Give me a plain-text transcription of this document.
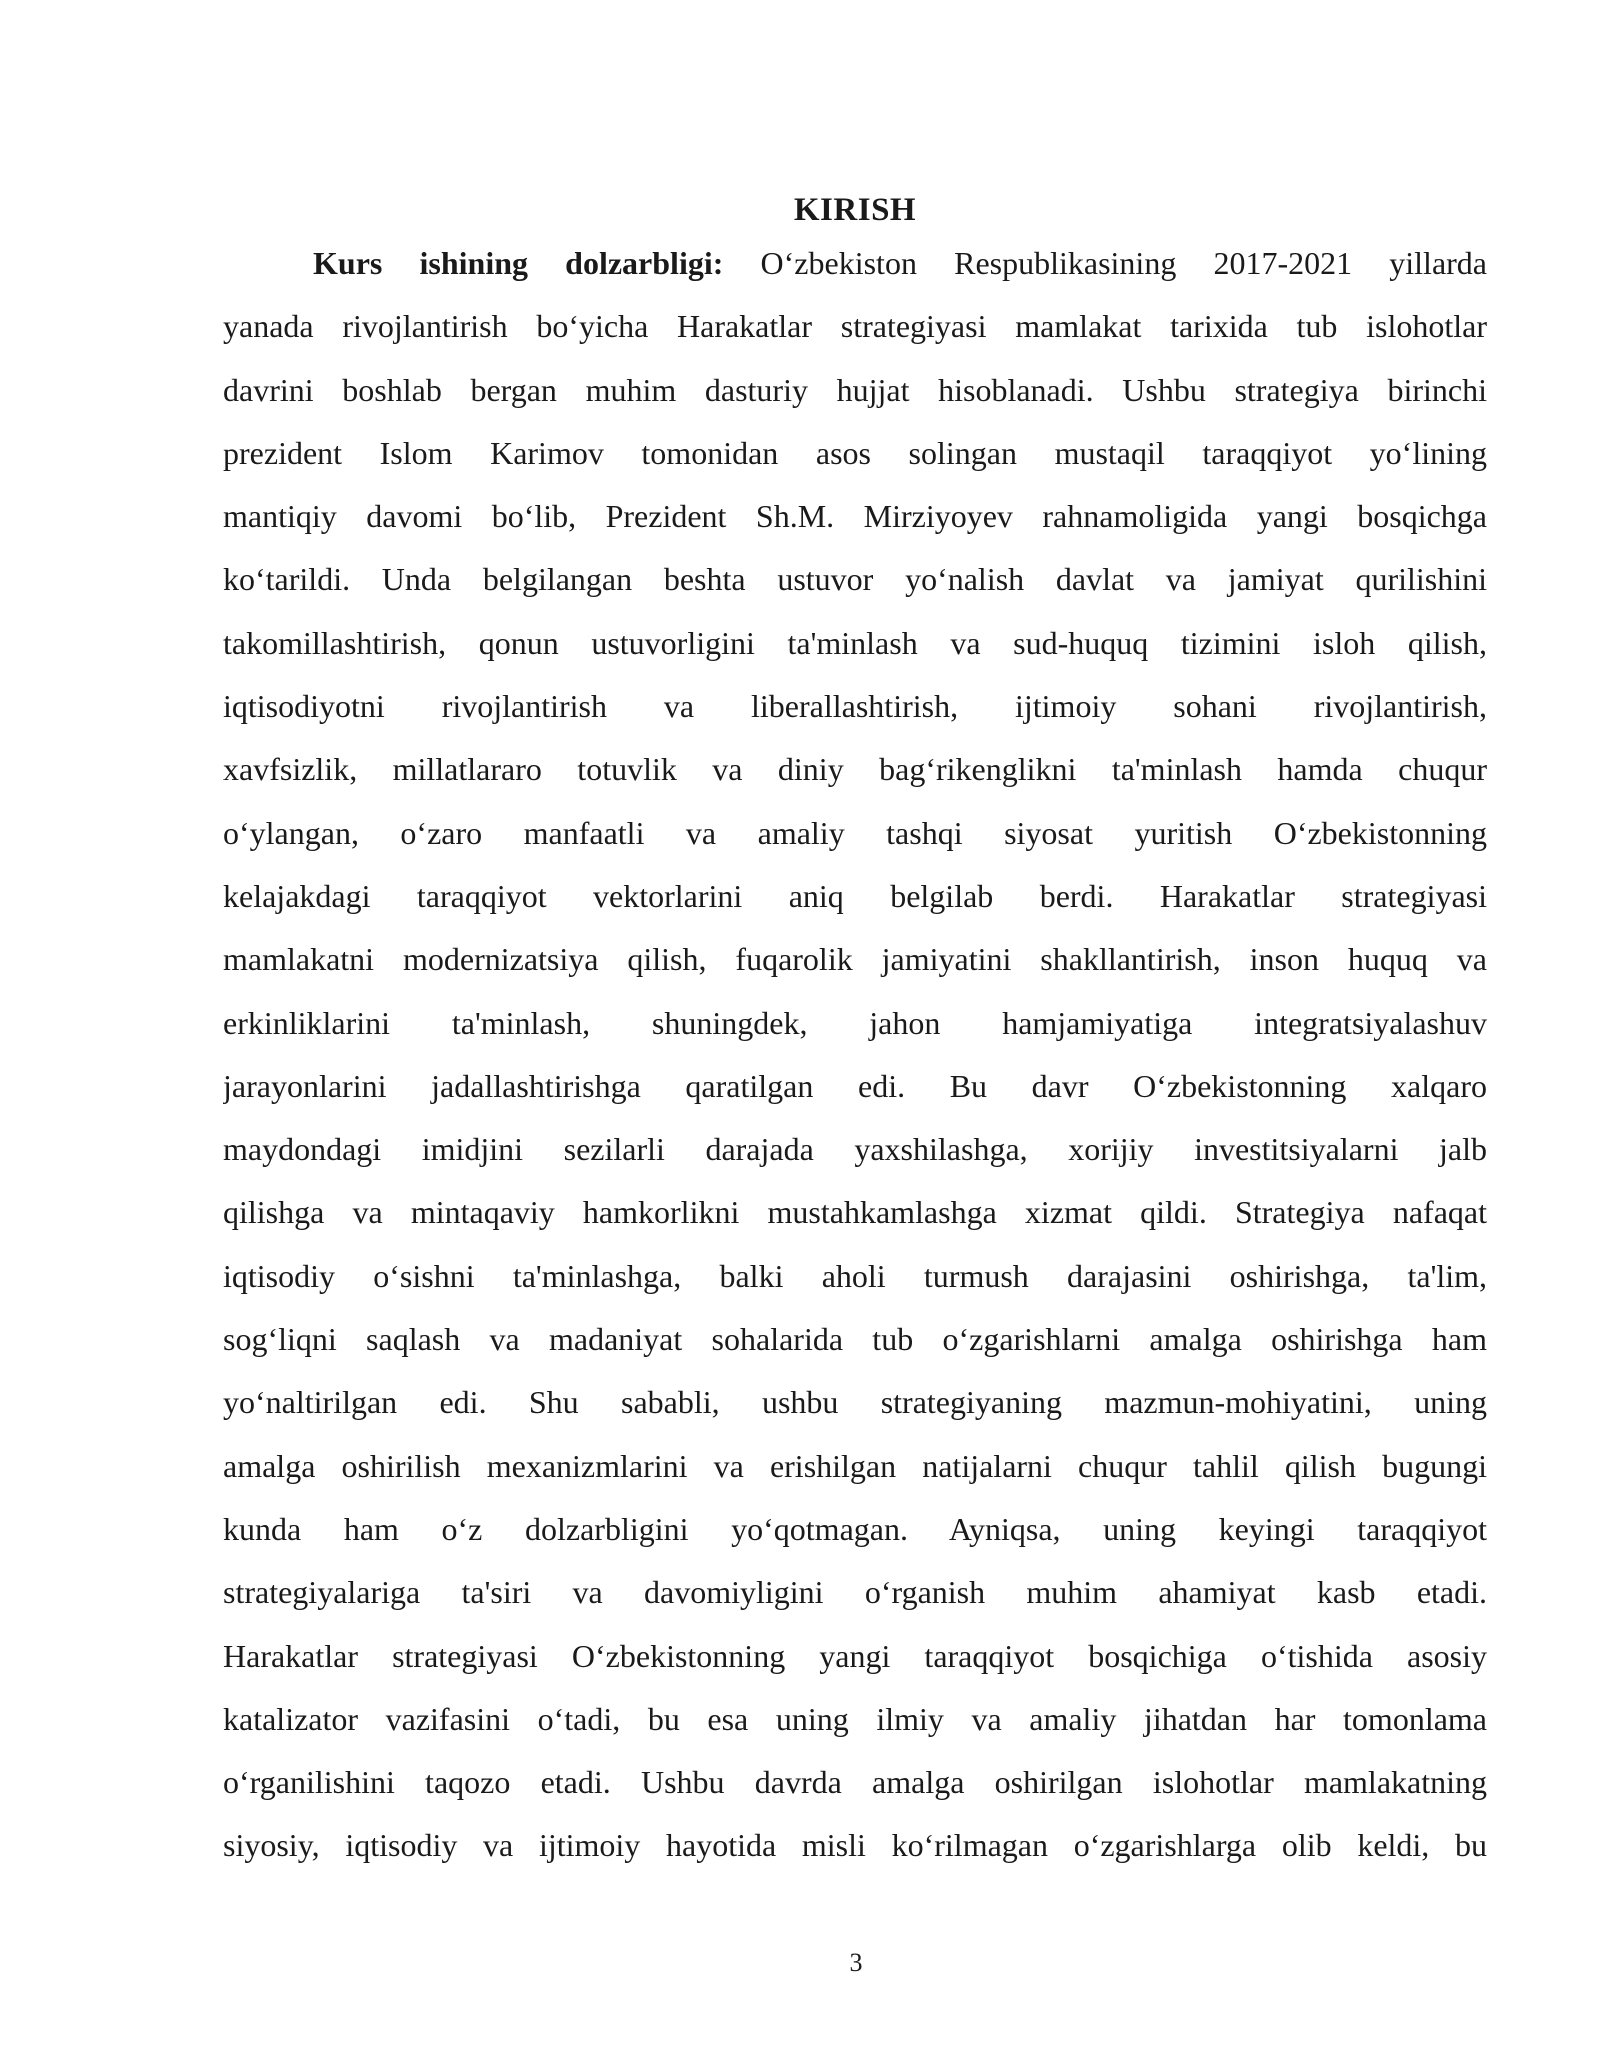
KIRISH
Kurs ishining dolzarbligi: O‘zbekiston Respublikasining 2017-2021 yillarda
yanada rivojlantirish bo‘yicha Harakatlar strategiyasi mamlakat tarixida tub islohotlar
davrini boshlab bergan muhim dasturiy hujjat hisoblanadi. Ushbu strategiya birinchi
prezident Islom Karimov tomonidan asos solingan mustaqil taraqqiyot yo‘lining
mantiqiy davomi bo‘lib, Prezident Sh.M. Mirziyoyev rahnamoligida yangi bosqichga
ko‘tarildi. Unda belgilangan beshta ustuvor yo‘nalish davlat va jamiyat qurilishini
takomillashtirish, qonun ustuvorligini ta'minlash va sud-huquq tizimini isloh qilish,
iqtisodiyotni rivojlantirish va liberallashtirish, ijtimoiy sohani rivojlantirish,
xavfsizlik, millatlararo totuvlik va diniy bag‘rikenglikni ta'minlash hamda chuqur
o‘ylangan, o‘zaro manfaatli va amaliy tashqi siyosat yuritish O‘zbekistonning
kelajakdagi taraqqiyot vektorlarini aniq belgilab berdi. Harakatlar strategiyasi
mamlakatni modernizatsiya qilish, fuqarolik jamiyatini shakllantirish, inson huquq va
erkinliklarini ta'minlash, shuningdek, jahon hamjamiyatiga integratsiyalashuv
jarayonlarini jadallashtirishga qaratilgan edi. Bu davr O‘zbekistonning xalqaro
maydondagi imidjini sezilarli darajada yaxshilashga, xorijiy investitsiyalarni jalb
qilishga va mintaqaviy hamkorlikni mustahkamlashga xizmat qildi. Strategiya nafaqat
iqtisodiy o‘sishni ta'minlashga, balki aholi turmush darajasini oshirishga, ta'lim,
sog‘liqni saqlash va madaniyat sohalarida tub o‘zgarishlarni amalga oshirishga ham
yo‘naltirilgan edi. Shu sababli, ushbu strategiyaning mazmun-mohiyatini, uning
amalga oshirilish mexanizmlarini va erishilgan natijalarni chuqur tahlil qilish bugungi
kunda ham o‘z dolzarbligini yo‘qotmagan. Ayniqsa, uning keyingi taraqqiyot
strategiyalariga ta'siri va davomiyligini o‘rganish muhim ahamiyat kasb etadi.
Harakatlar strategiyasi O‘zbekistonning yangi taraqqiyot bosqichiga o‘tishida asosiy
katalizator vazifasini o‘tadi, bu esa uning ilmiy va amaliy jihatdan har tomonlama
o‘rganilishini taqozo etadi. Ushbu davrda amalga oshirilgan islohotlar mamlakatning
siyosiy, iqtisodiy va ijtimoiy hayotida misli ko‘rilmagan o‘zgarishlarga olib keldi, bu
3
